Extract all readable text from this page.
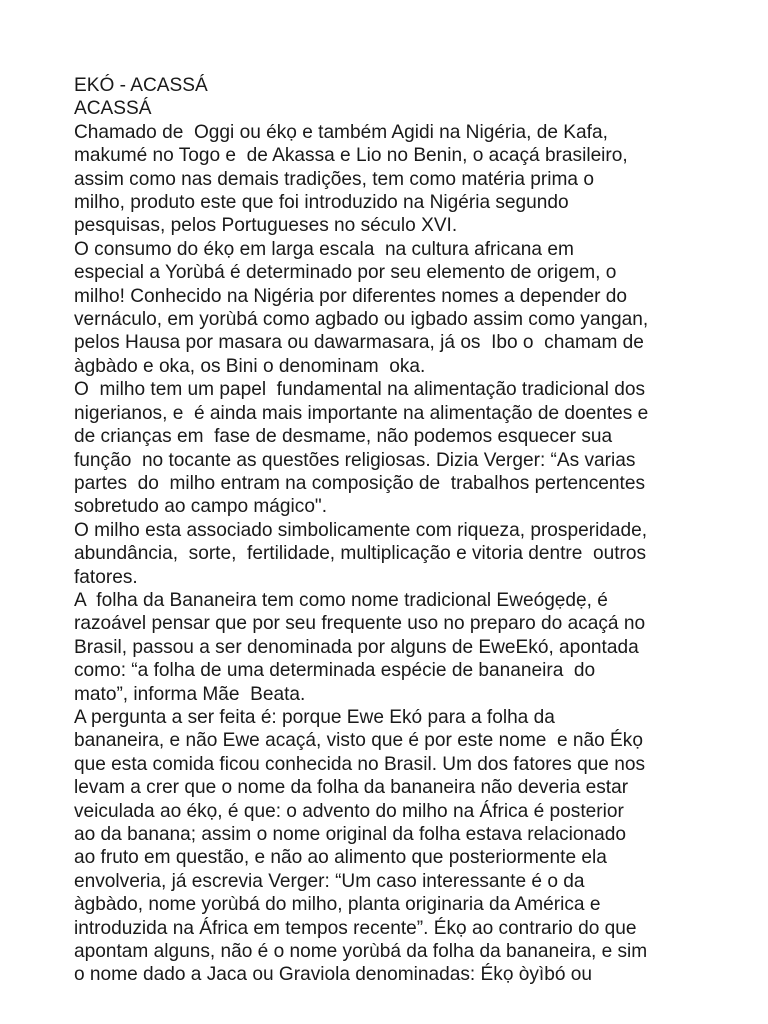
EKÓ - ACASSÁ
ACASSÁ
Chamado de  Oggi ou ékọ e também Agidi na Nigéria, de Kafa,
makumé no Togo e  de Akassa e Lio no Benin, o acaçá brasileiro,
assim como nas demais tradições, tem como matéria prima o
milho, produto este que foi introduzido na Nigéria segundo
pesquisas, pelos Portugueses no século XVI.
O consumo do ékọ em larga escala  na cultura africana em
especial a Yorùbá é determinado por seu elemento de origem, o
milho! Conhecido na Nigéria por diferentes nomes a depender do
vernáculo, em yorùbá como agbado ou igbado assim como yangan,
pelos Hausa por masara ou dawarmasara, já os  Ibo o  chamam de
àgbàdo e oka, os Bini o denominam  oka.
O  milho tem um papel  fundamental na alimentação tradicional dos
nigerianos, e  é ainda mais importante na alimentação de doentes e
de crianças em  fase de desmame, não podemos esquecer sua
função  no tocante as questões religiosas. Dizia Verger: “As varias
partes  do  milho entram na composição de  trabalhos pertencentes
sobretudo ao campo mágico".
O milho esta associado simbolicamente com riqueza, prosperidade,
abundância,  sorte,  fertilidade, multiplicação e vitoria dentre  outros
fatores.
A  folha da Bananeira tem como nome tradicional Eweógẹdẹ, é
razoável pensar que por seu frequente uso no preparo do acaçá no
Brasil, passou a ser denominada por alguns de EweEkó, apontada
como: “a folha de uma determinada espécie de bananeira  do
mato”, informa Mãe  Beata.
A pergunta a ser feita é: porque Ewe Ekó para a folha da
bananeira, e não Ewe acaçá, visto que é por este nome  e não Ékọ
que esta comida ficou conhecida no Brasil. Um dos fatores que nos
levam a crer que o nome da folha da bananeira não deveria estar
veiculada ao ékọ, é que: o advento do milho na África é posterior
ao da banana; assim o nome original da folha estava relacionado
ao fruto em questão, e não ao alimento que posteriormente ela
envolveria, já escrevia Verger: “Um caso interessante é o da
àgbàdo, nome yorùbá do milho, planta originaria da América e
introduzida na África em tempos recente”. Ékọ ao contrario do que
apontam alguns, não é o nome yorùbá da folha da bananeira, e sim
o nome dado a Jaca ou Graviola denominadas: Ékọ òyìbó ou
